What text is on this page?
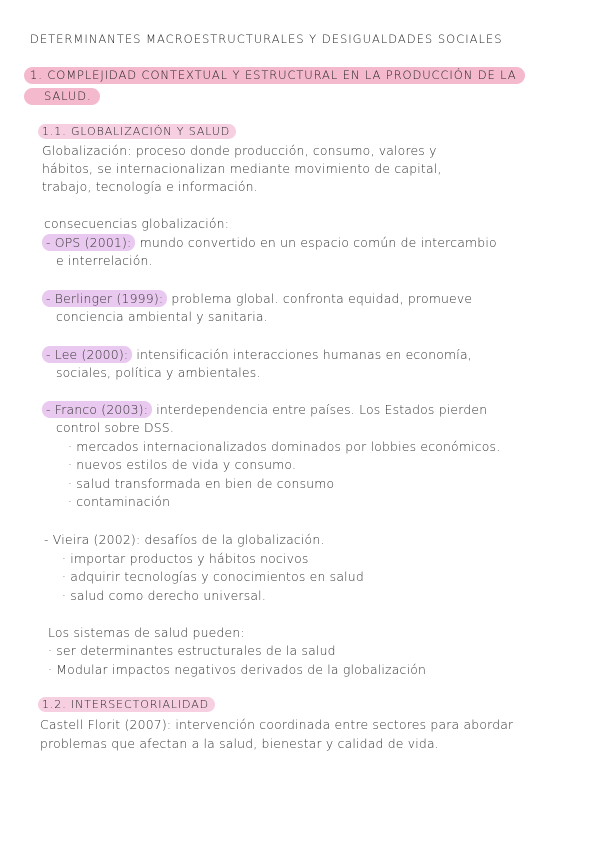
DETERMINANTES MACROESTRUCTURALES Y DESIGUALDADES SOCIALES
1. COMPLEJIDAD CONTEXTUAL Y ESTRUCTURAL EN LA PRODUCCIÓN DE LA
SALUD.
1.1. GLOBALIZACIÓN Y SALUD
Globalización: proceso donde producción, consumo, valores y
hábitos, se internacionalizan mediante movimiento de capital,
trabajo, tecnología e información.
consecuencias globalización:
- OPS (2001): mundo convertido en un espacio común de intercambio
e interrelación.
- Berlinger (1999): problema global. confronta equidad, promueve
conciencia ambiental y sanitaria.
- Lee (2000): intensificación interacciones humanas en economía,
sociales, política y ambientales.
- Franco (2003): interdependencia entre países. Los Estados pierden
control sobre DSS.
· mercados internacionalizados dominados por lobbies económicos.
· nuevos estilos de vida y consumo.
· salud transformada en bien de consumo
· contaminación
- Vieira (2002): desafíos de la globalización.
· importar productos y hábitos nocivos
· adquirir tecnologías y conocimientos en salud
· salud como derecho universal.
Los sistemas de salud pueden:
· ser determinantes estructurales de la salud
· Modular impactos negativos derivados de la globalización
1.2. INTERSECTORIALIDAD
Castell Florit (2007): intervención coordinada entre sectores para abordar
problemas que afectan a la salud, bienestar y calidad de vida.
